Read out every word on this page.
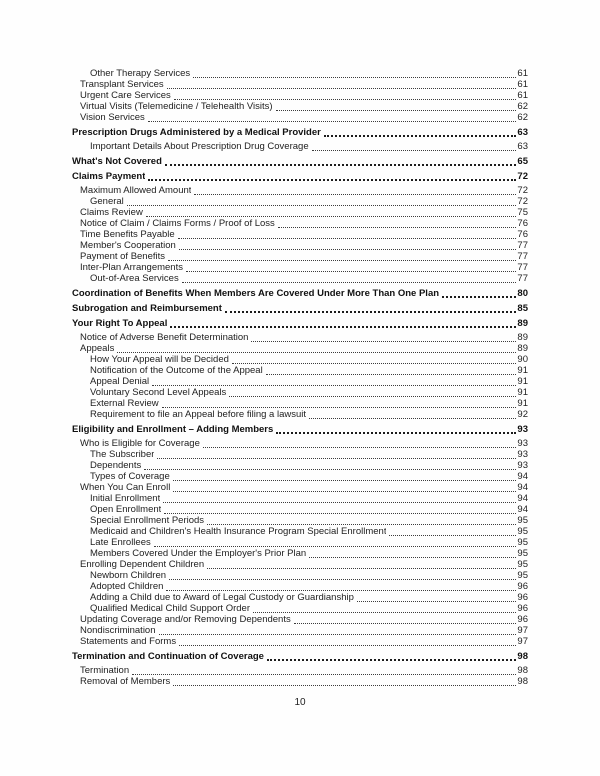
Other Therapy Services	61
Transplant Services	61
Urgent Care Services	61
Virtual Visits (Telemedicine / Telehealth Visits)	62
Vision Services	62
Prescription Drugs Administered by a Medical Provider	63
Important Details About Prescription Drug Coverage	63
What's Not Covered	65
Claims Payment	72
Maximum Allowed Amount	72
General	72
Claims Review	75
Notice of Claim / Claims Forms / Proof of Loss	76
Time Benefits Payable	76
Member's Cooperation	77
Payment of Benefits	77
Inter-Plan Arrangements	77
Out-of-Area Services	77
Coordination of Benefits When Members Are Covered Under More Than One Plan	80
Subrogation and Reimbursement	85
Your Right To Appeal	89
Notice of Adverse Benefit Determination	89
Appeals	89
How Your Appeal will be Decided	90
Notification of the Outcome of the Appeal	91
Appeal Denial	91
Voluntary Second Level Appeals	91
External Review	91
Requirement to file an Appeal before filing a lawsuit	92
Eligibility and Enrollment – Adding Members	93
Who is Eligible for Coverage	93
The Subscriber	93
Dependents	93
Types of Coverage	94
When You Can Enroll	94
Initial Enrollment	94
Open Enrollment	94
Special Enrollment Periods	95
Medicaid and Children's Health Insurance Program Special Enrollment	95
Late Enrollees	95
Members Covered Under the Employer's Prior Plan	95
Enrolling Dependent Children	95
Newborn Children	95
Adopted Children	96
Adding a Child due to Award of Legal Custody or Guardianship	96
Qualified Medical Child Support Order	96
Updating Coverage and/or Removing Dependents	96
Nondiscrimination	97
Statements and Forms	97
Termination and Continuation of Coverage	98
Termination	98
Removal of Members	98
10
